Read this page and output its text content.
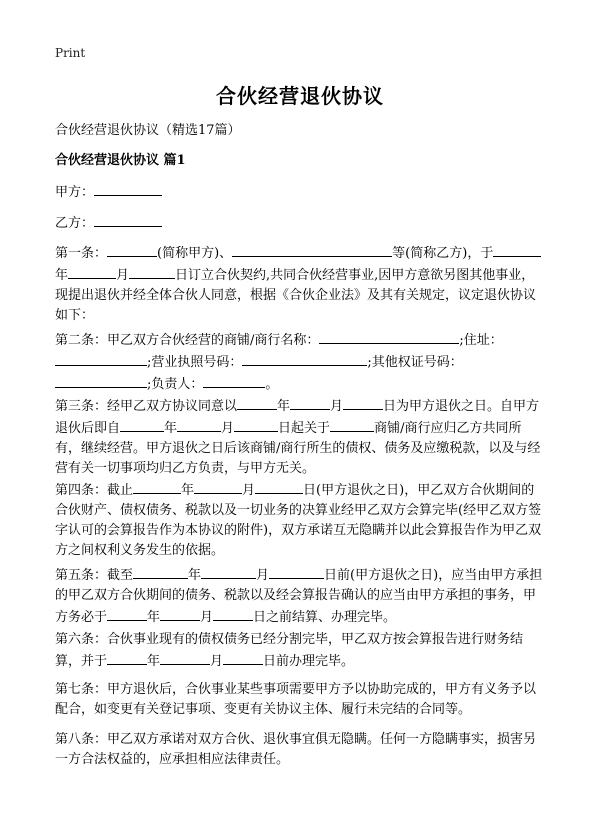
Print
合伙经营退伙协议

合伙经营退伙协议（精选17篇）

合伙经营退伙协议 篇1

甲方：

乙方：

第一条：	(简称甲方)、	等(简称乙方)，于年	月	日订立合伙契约,共同合伙经营事业,因甲方意欲另图其他事业，现提出退伙并经全体合伙人同意，根据《合伙企业法》及其有关规定，议定退伙协议如下：

第二条：甲乙双方合伙经营的商铺/商行名称：	;住址：;营业执照号码：	;其他权证号码：;负责人：	。

第三条：经甲乙双方协议同意以	年	月	日为甲方退伙之日。自甲方退伙后即自	年	月	日起关于	商铺/商行应归乙方共同所有，继续经营。甲方退伙之日后该商铺/商行所生的债权、债务及应缴税款，以及与经营有关一切事项均归乙方负责，与甲方无关。

第四条：截止	年	月	日(甲方退伙之日)，甲乙双方合伙期间的合伙财产、债权债务、税款以及一切业务的决算业经甲乙双方会算完毕(经甲乙双方签字认可的会算报告作为本协议的附件)，双方承诺互无隐瞒并以此会算报告作为甲乙双方之间权利义务发生的依据。

第五条：截至	年	月	日前(甲方退伙之日)，应当由甲方承担的甲乙双方合伙期间的债务、税款以及经会算报告确认的应当由甲方承担的事务，甲方务必于	年	月	日之前结算、办理完毕。

第六条：合伙事业现有的债权债务已经分割完毕，甲乙双方按会算报告进行财务结算，并于	年	月	日前办理完毕。

第七条：甲方退伙后，合伙事业某些事项需要甲方予以协助完成的，甲方有义务予以配合，如变更有关登记事项、变更有关协议主体、履行未完结的合同等。

第八条：甲乙双方承诺对双方合伙、退伙事宜俱无隐瞒。任何一方隐瞒事实，损害另一方合法权益的，应承担相应法律责任。
